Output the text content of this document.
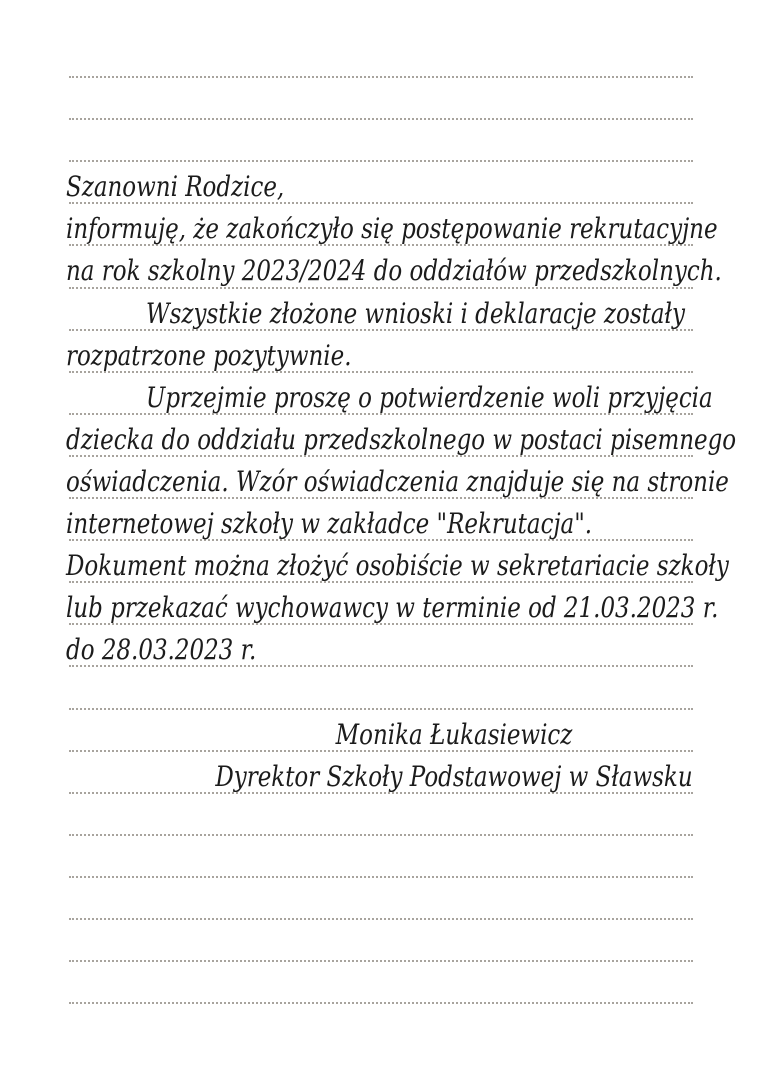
Szanowni Rodzice,
informuję, że zakończyło się postępowanie rekrutacyjne
na rok szkolny 2023/2024 do oddziałów przedszkolnych.
Wszystkie złożone wnioski i deklaracje zostały
rozpatrzone pozytywnie.
Uprzejmie proszę o potwierdzenie woli przyjęcia
dziecka do oddziału przedszkolnego w postaci pisemnego
oświadczenia. Wzór oświadczenia znajduje się na stronie
internetowej szkoły w zakładce "Rekrutacja".
Dokument można złożyć osobiście w sekretariacie szkoły
lub przekazać wychowawcy w terminie od 21.03.2023 r.
do 28.03.2023 r.
Monika Łukasiewicz
Dyrektor Szkoły Podstawowej w Sławsku
